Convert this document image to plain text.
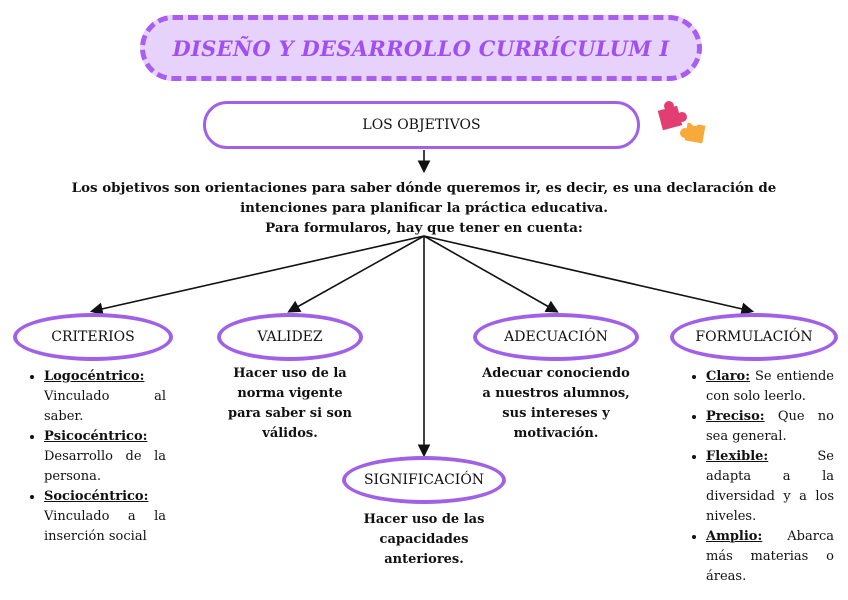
DISEÑO Y DESARROLLO CURRÍCULUM I
LOS OBJETIVOS
Los objetivos son orientaciones para saber dónde queremos ir, es decir, es una declaración de
intenciones para planificar la práctica educativa.
Para formularos, hay que tener en cuenta:
CRITERIOS	VALIDEZ	ADECUACIÓN	FORMULACIÓN
SIGNIFICACIÓN
• Logocéntrico:
Vinculado al saber.
• Psicocéntrico:
Desarrollo de la persona.
• Sociocéntrico:
Vinculado a la inserción social
Hacer uso de la norma vigente para saber si son válidos.
Adecuar conociendo a nuestros alumnos, sus intereses y motivación.
Hacer uso de las capacidades anteriores.
• Claro: Se entiende con solo leerlo.
• Preciso: Que no sea general.
• Flexible:	Se adapta a la diversidad y a los niveles.
• Amplio: Abarca más materias o áreas.
